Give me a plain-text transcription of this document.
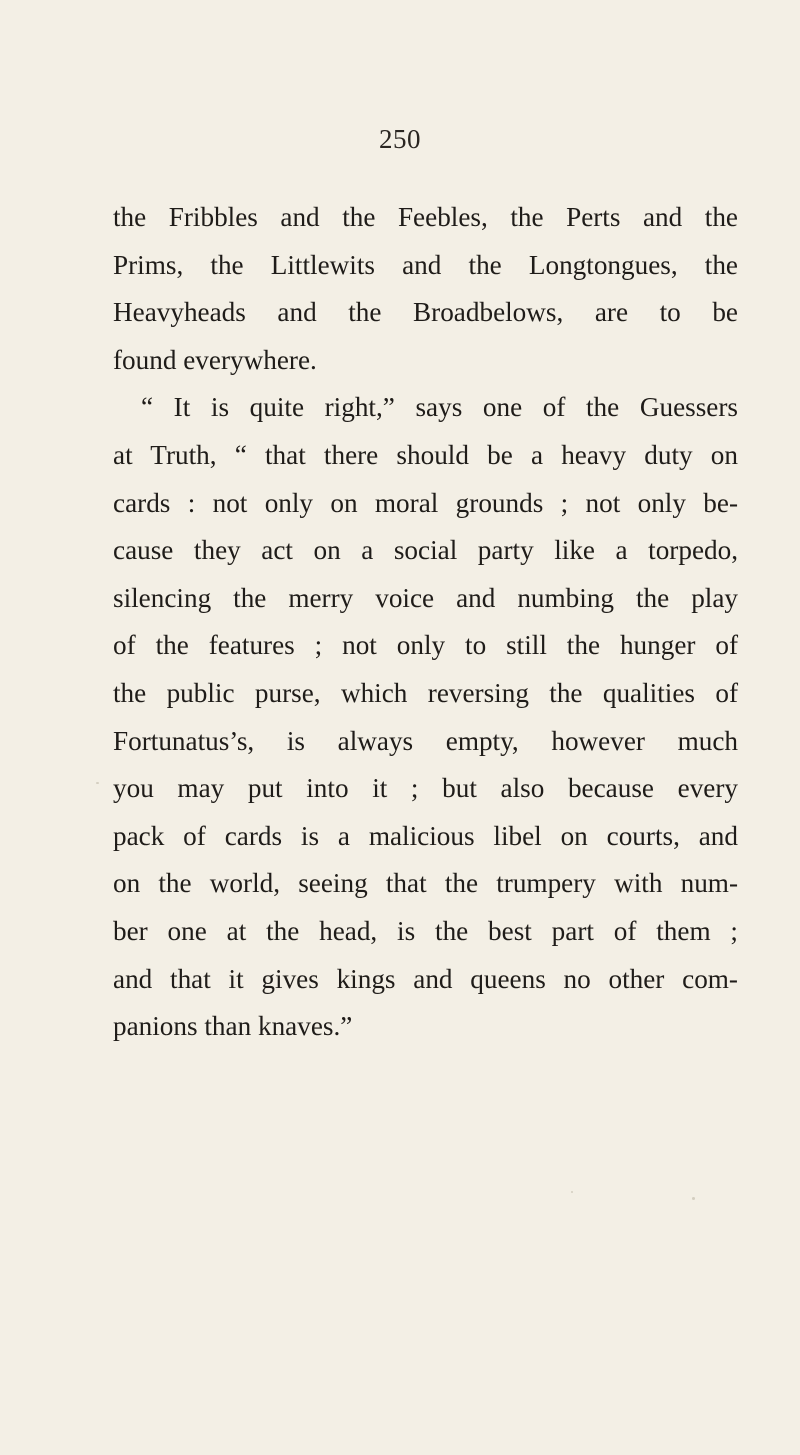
250
the Fribbles and the Feebles, the Perts and the
Prims, the Littlewits and the Longtongues, the
Heavyheads and the Broadbelows, are to be
found everywhere.
“ It is quite right,” says one of the Guessers
at Truth, “ that there should be a heavy duty on
cards : not only on moral grounds ; not only be-
cause they act on a social party like a torpedo,
silencing the merry voice and numbing the play
of the features ; not only to still the hunger of
the public purse, which reversing the qualities of
Fortunatus’s, is always empty, however much
you may put into it ; but also because every
pack of cards is a malicious libel on courts, and
on the world, seeing that the trumpery with num-
ber one at the head, is the best part of them ;
and that it gives kings and queens no other com-
panions than knaves.”
